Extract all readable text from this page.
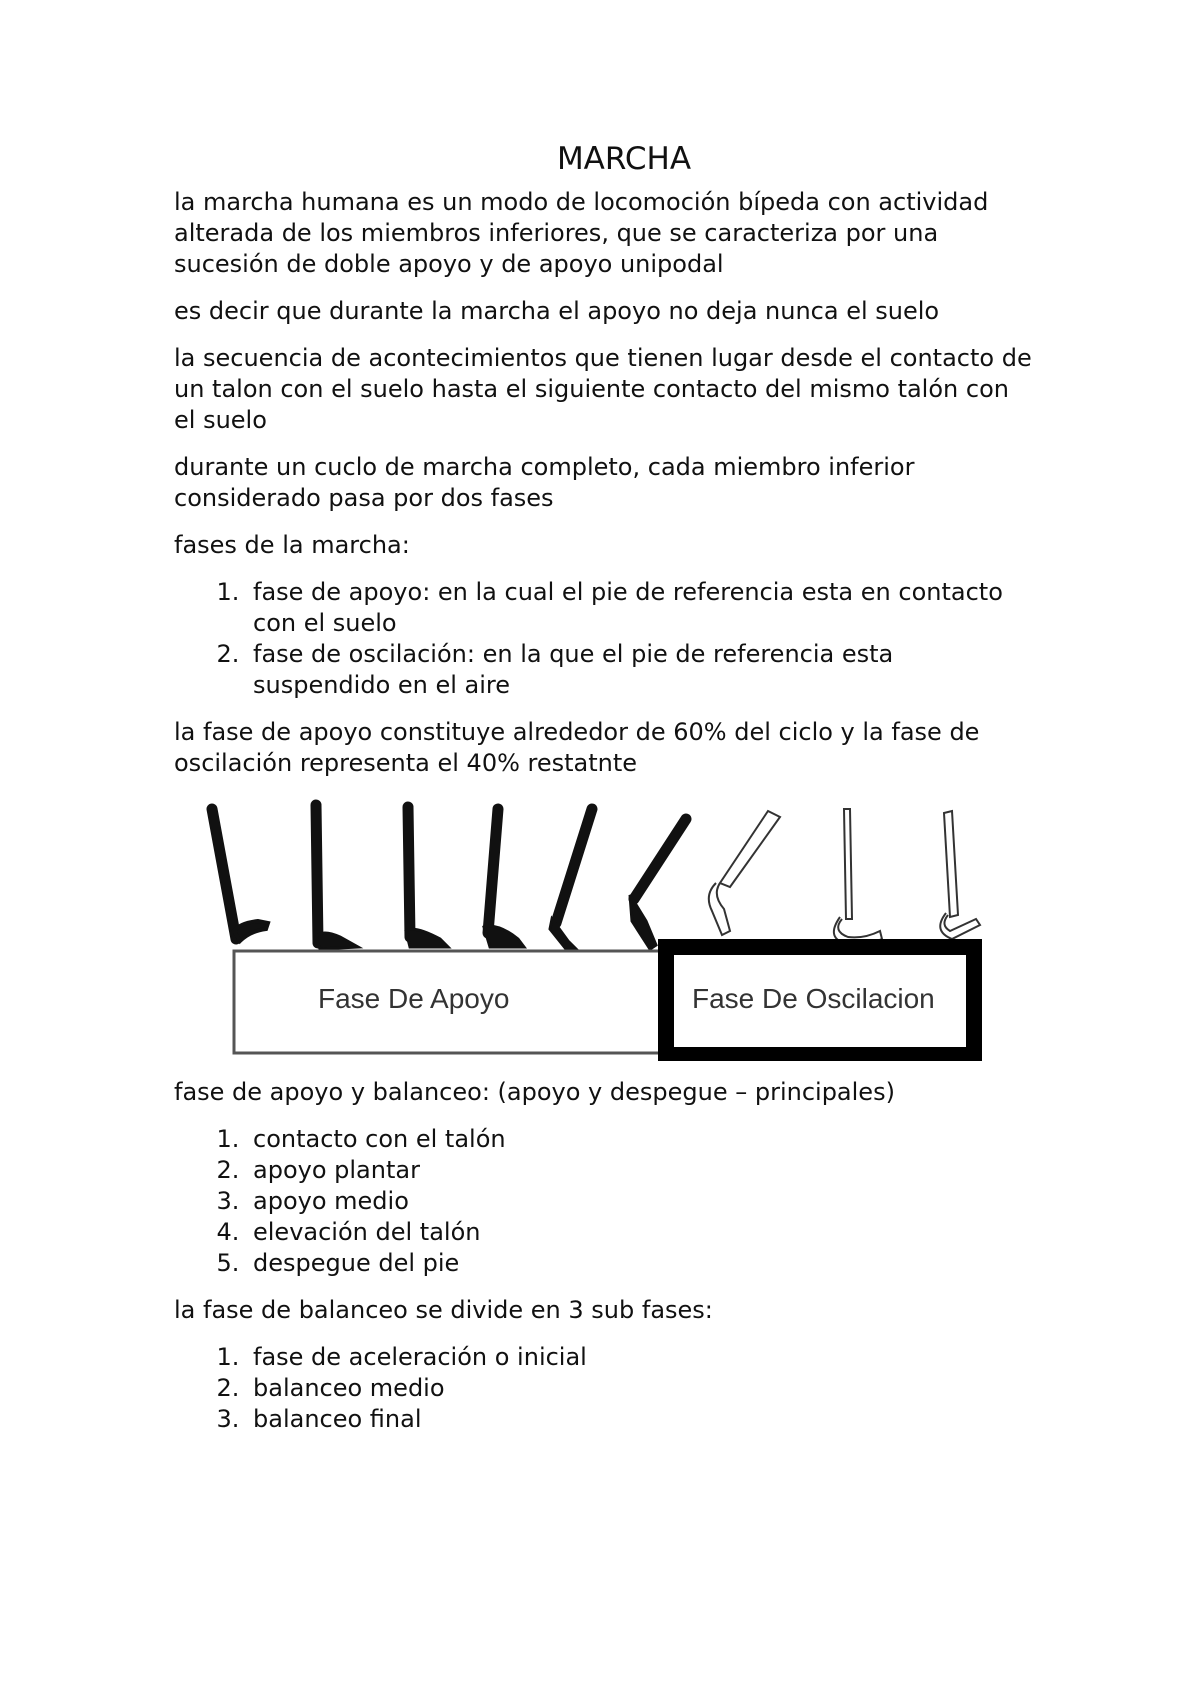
MARCHA

la marcha humana es un modo de locomoción bípeda con actividad alterada de los miembros inferiores, que se caracteriza por una sucesión de doble apoyo y de apoyo unipodal

es decir que durante la marcha el apoyo no deja nunca el suelo

la secuencia de acontecimientos que tienen lugar desde el contacto de un talon con el suelo hasta el siguiente contacto del mismo talón con el suelo

durante un cuclo de marcha completo, cada miembro inferior considerado pasa por dos fases

fases de la marcha:

1. fase de apoyo: en la cual el pie de referencia esta en contacto con el suelo
2. fase de oscilación: en la que el pie de referencia esta suspendido en el aire

la fase de apoyo constituye alrededor de 60% del ciclo y la fase de oscilación representa el 40% restatnte

Fase De Apoyo	Fase De Oscilacion

fase de apoyo y balanceo: (apoyo y despegue – principales)

1. contacto con el talón
2. apoyo plantar
3. apoyo medio
4. elevación del talón
5. despegue del pie

la fase de balanceo se divide en 3 sub fases:

1. fase de aceleración o inicial
2. balanceo medio
3. balanceo final
